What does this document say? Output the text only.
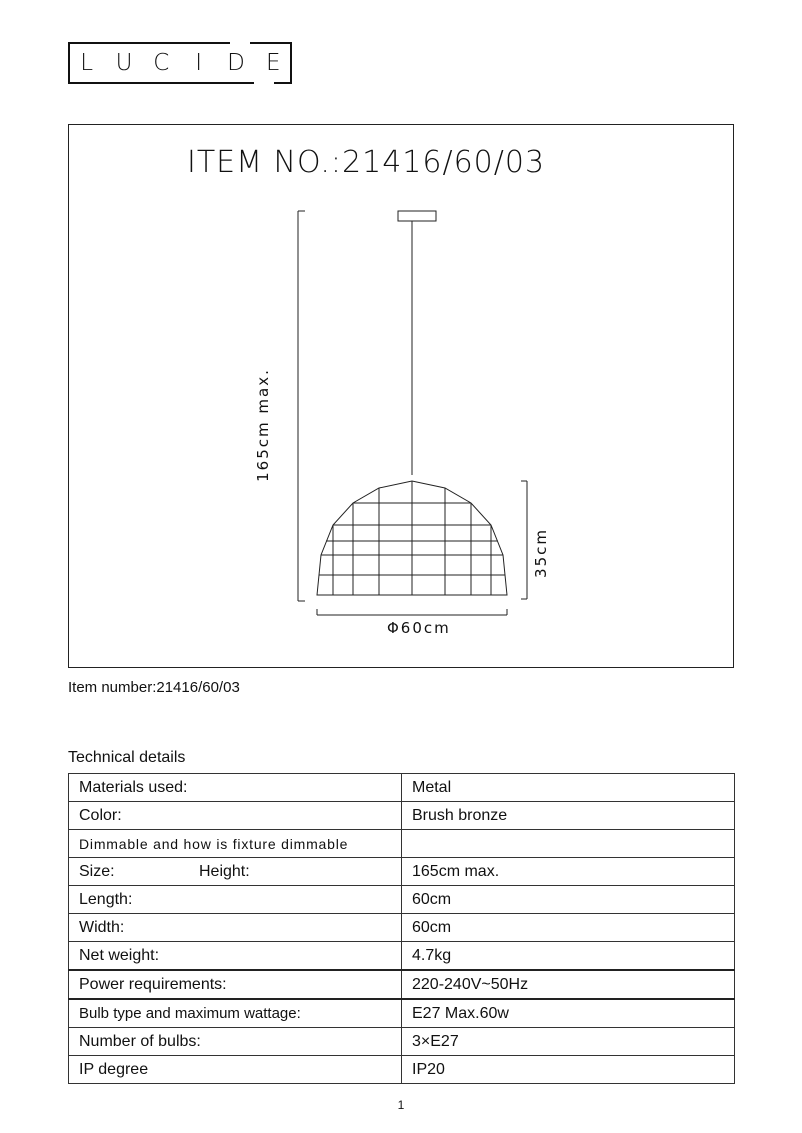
L U C	I	D E
ITEM NO.:21416/60/03
165cm max.
35cm
Φ60cm
Item number:21416/60/03
Technical details
Materials used:	Metal
Color:	Brush bronze
Dimmable and how is fixture dimmable	
Size: Height:	165cm max.
Length:	60cm
Width:	60cm
Net weight:	4.7kg
Power requirements:	220-240V~50Hz
Bulb type and maximum wattage:	E27 Max.60w
Number of bulbs:	3×E27
IP degree	IP20
1
